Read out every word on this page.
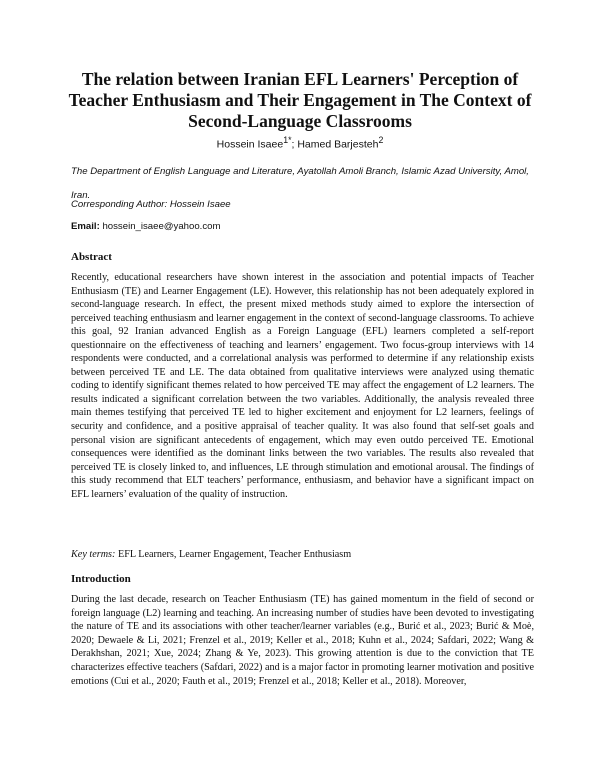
The relation between Iranian EFL Learners' Perception of Teacher Enthusiasm and Their Engagement in The Context of Second-Language Classrooms
Hossein Isaee$^{1*}$; Hamed Barjesteh$^2$
The Department of English Language and Literature, Ayatollah Amoli Branch, Islamic Azad University, Amol, Iran.
Corresponding Author: Hossein Isaee
Email: hossein_isaee@yahoo.com
Abstract

Recently, educational researchers have shown interest in the association and potential impacts of Teacher Enthusiasm (TE) and Learner Engagement (LE). However, this relationship has not been adequately explored in second-language research. In effect, the present mixed methods study aimed to explore the intersection of perceived teaching enthusiasm and learner engagement in the context of second-language classrooms. To achieve this goal, 92 Iranian advanced English as a Foreign Language (EFL) learners completed a self-report questionnaire on the effectiveness of teaching and learners’ engagement. Two focus-group interviews with 14 respondents were conducted, and a correlational analysis was performed to determine if any relationship exists between perceived TE and LE. The data obtained from qualitative interviews were analyzed using thematic coding to identify significant themes related to how perceived TE may affect the engagement of L2 learners. The results indicated a significant correlation between the two variables. Additionally, the analysis revealed three main themes testifying that perceived TE led to higher excitement and enjoyment for L2 learners, feelings of security and confidence, and a positive appraisal of teacher quality. It was also found that self-set goals and personal vision are significant antecedents of engagement, which may even outdo perceived TE. Emotional consequences were identified as the dominant links between the two variables. The results also revealed that perceived TE is closely linked to, and influences, LE through stimulation and emotional arousal. The findings of this study recommend that ELT teachers’ performance, enthusiasm, and behavior have a significant impact on EFL learners’ evaluation of the quality of instruction.

Key terms: EFL Learners, Learner Engagement, Teacher Enthusiasm
Introduction

During the last decade, research on Teacher Enthusiasm (TE) has gained momentum in the field of second or foreign language (L2) learning and teaching. An increasing number of studies have been devoted to investigating the nature of TE and its associations with other teacher/learner variables (e.g., Burić et al., 2023; Burić & Moè, 2020; Dewaele & Li, 2021; Frenzel et al., 2019; Keller et al., 2018; Kuhn et al., 2024; Safdari, 2022; Wang & Derakhshan, 2021; Xue, 2024; Zhang & Ye, 2023). This growing attention is due to the conviction that TE characterizes effective teachers (Safdari, 2022) and is a major factor in promoting learner motivation and positive emotions (Cui et al., 2020; Fauth et al., 2019; Frenzel et al., 2018; Keller et al., 2018). Moreover,
